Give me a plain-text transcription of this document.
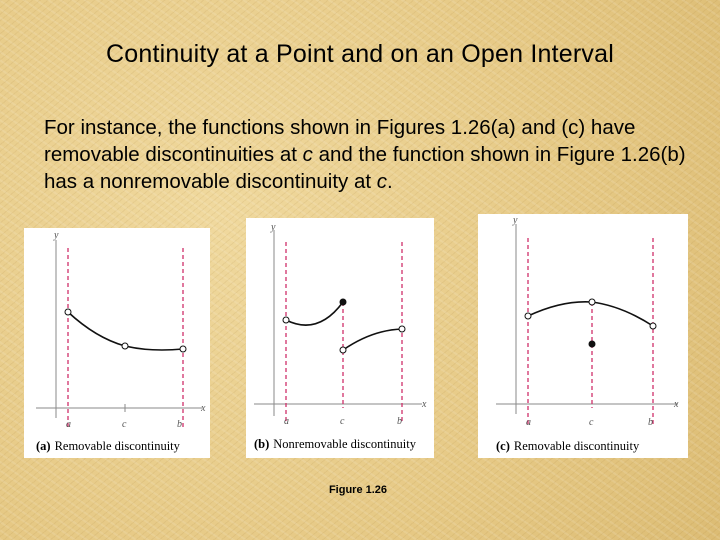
Continuity at a Point and on an Open Interval
For instance, the functions shown in Figures 1.26(a) and (c) have removable discontinuities at c and the function shown in Figure 1.26(b) has a nonremovable discontinuity at c.
y
x
a	c	b
(a) Removable discontinuity
y
x
a	c	b
(b) Nonremovable discontinuity
y
x
a	c	b
(c) Removable discontinuity
Figure 1.26
